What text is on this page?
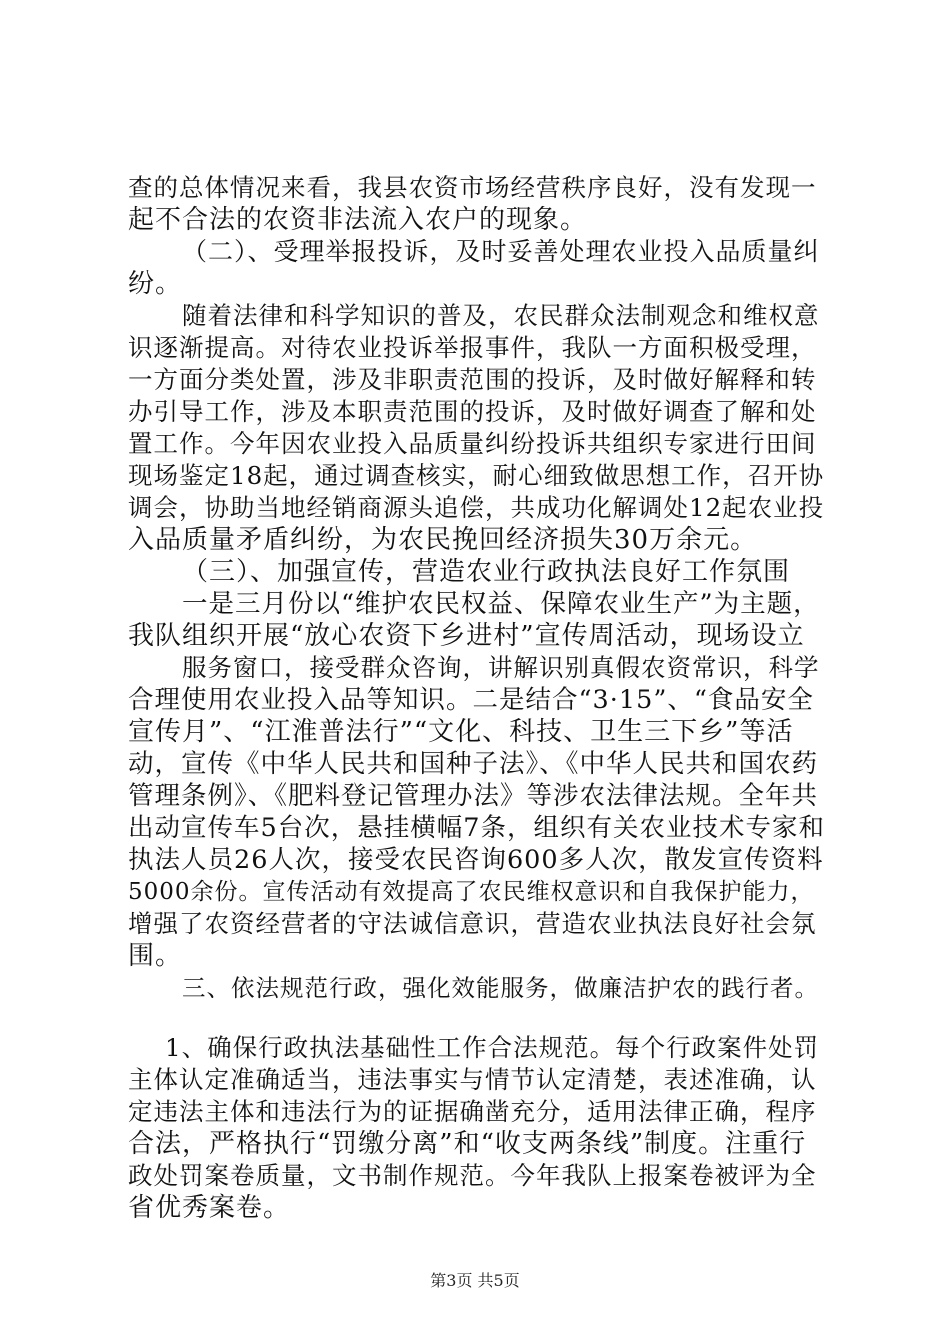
查的总体情况来看，我县农资市场经营秩序良好，没有发现一
起不合法的农资非法流入农户的现象。
（二）、受理举报投诉，及时妥善处理农业投入品质量纠
纷。
随着法律和科学知识的普及，农民群众法制观念和维权意
识逐渐提高。对待农业投诉举报事件，我队一方面积极受理，
一方面分类处置，涉及非职责范围的投诉，及时做好解释和转
办引导工作，涉及本职责范围的投诉，及时做好调查了解和处
置工作。今年因农业投入品质量纠纷投诉共组织专家进行田间
现场鉴定18起，通过调查核实，耐心细致做思想工作，召开协
调会，协助当地经销商源头追偿，共成功化解调处12起农业投
入品质量矛盾纠纷，为农民挽回经济损失30万余元。
（三）、加强宣传，营造农业行政执法良好工作氛围
一是三月份以“维护农民权益、保障农业生产”为主题，
我队组织开展“放心农资下乡进村”宣传周活动，现场设立
服务窗口，接受群众咨询，讲解识别真假农资常识，科学
合理使用农业投入品等知识。二是结合“3·15”、“食品安全
宣传月”、“江淮普法行”“文化、科技、卫生三下乡”等活
动，宣传《中华人民共和国种子法》、《中华人民共和国农药
管理条例》、《肥料登记管理办法》等涉农法律法规。全年共
出动宣传车5台次，悬挂横幅7条，组织有关农业技术专家和
执法人员26人次，接受农民咨询600多人次，散发宣传资料
5000余份。宣传活动有效提高了农民维权意识和自我保护能力，
增强了农资经营者的守法诚信意识，营造农业执法良好社会氛
围。
三、依法规范行政，强化效能服务，做廉洁护农的践行者。
1、确保行政执法基础性工作合法规范。每个行政案件处罚
主体认定准确适当，违法事实与情节认定清楚，表述准确，认
定违法主体和违法行为的证据确凿充分，适用法律正确，程序
合法，严格执行“罚缴分离”和“收支两条线”制度。注重行
政处罚案卷质量，文书制作规范。今年我队上报案卷被评为全
省优秀案卷。
第3页 共5页
